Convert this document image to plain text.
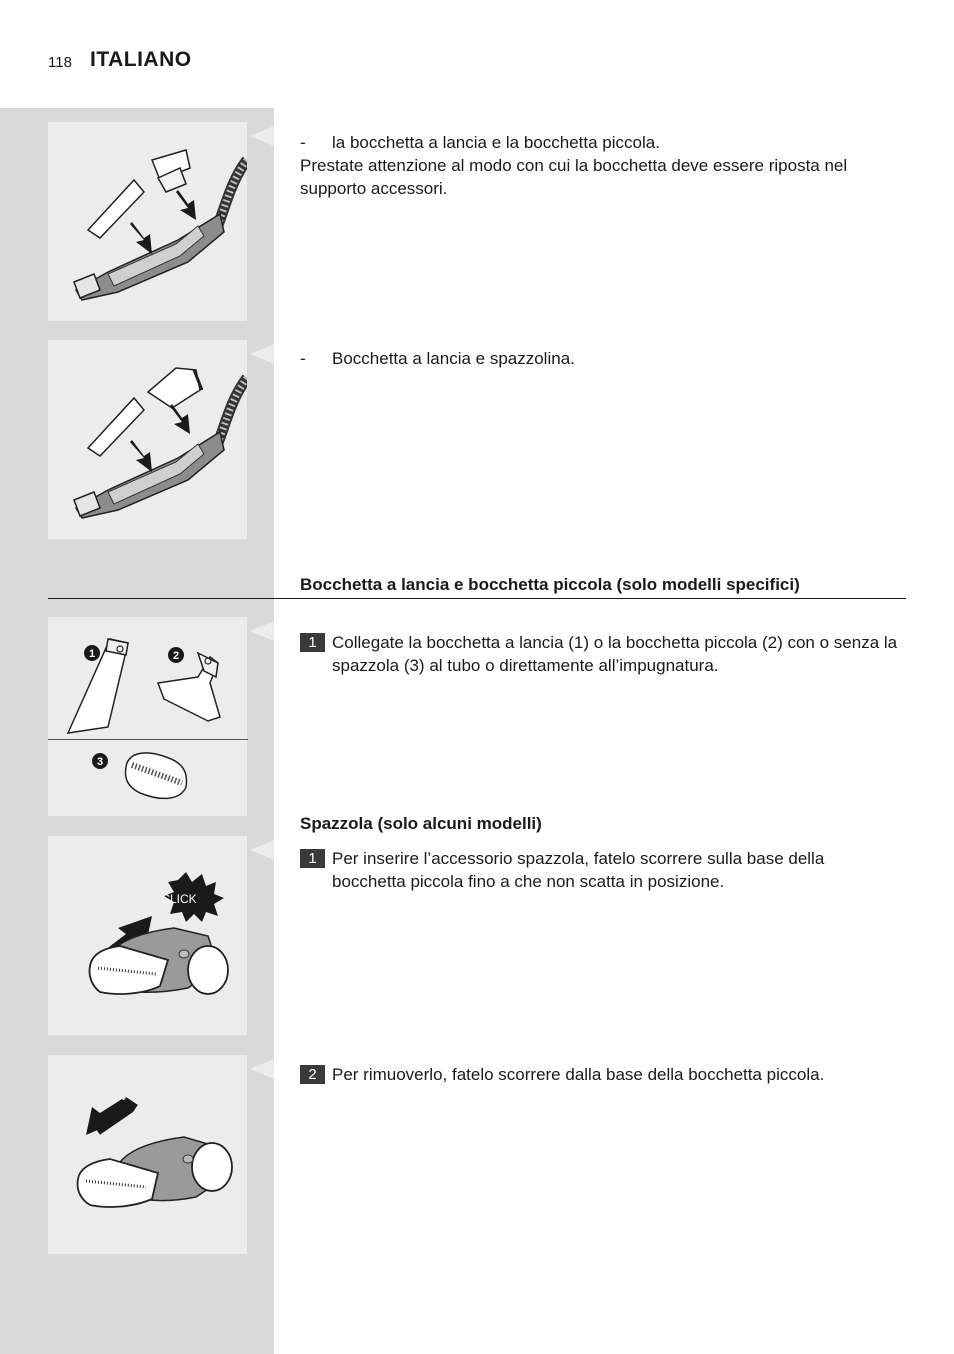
118 ITALIANO
- la bocchetta a lancia e la bocchetta piccola.
Prestate attenzione al modo con cui la bocchetta deve essere riposta nel supporto accessori.
- Bocchetta a lancia e spazzolina.
Bocchetta a lancia e bocchetta piccola (solo modelli specifici)
1	2
3
1 Collegate la bocchetta a lancia (1) o la bocchetta piccola (2) con o senza la spazzola (3) al tubo o direttamente all’impugnatura.
Spazzola (solo alcuni modelli)
CLICK
1 Per inserire l’accessorio spazzola, fatelo scorrere sulla base della bocchetta piccola fino a che non scatta in posizione.
2 Per rimuoverlo, fatelo scorrere dalla base della bocchetta piccola.
